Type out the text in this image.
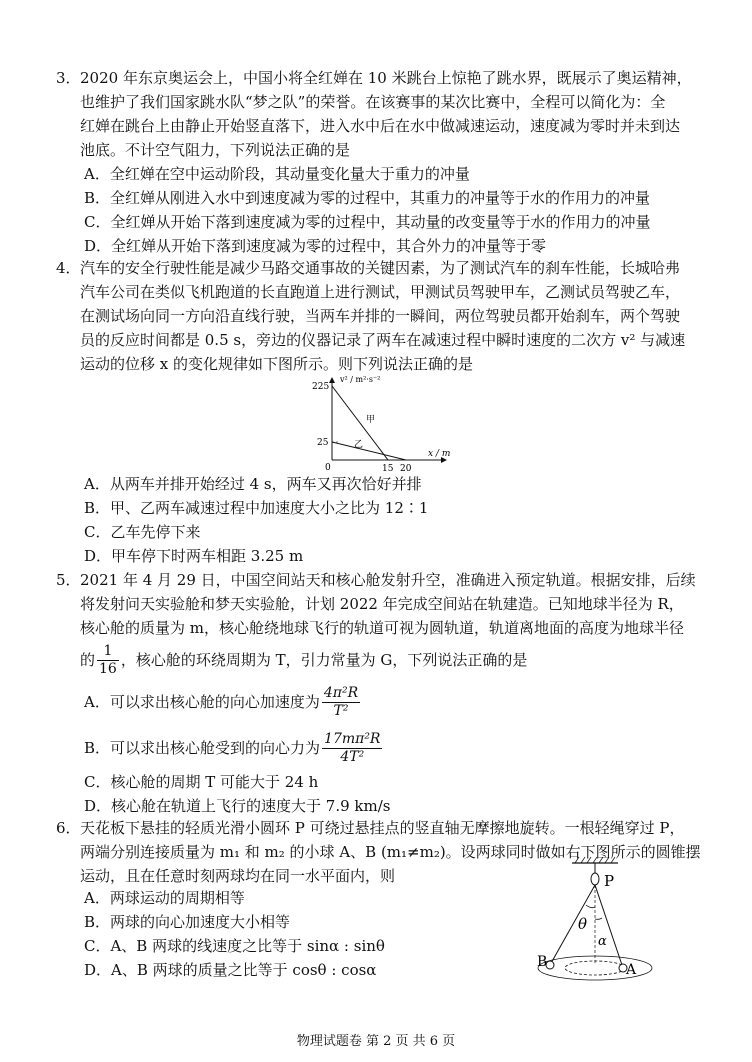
3． 2020 年东京奥运会上，中国小将全红婵在 10 米跳台上惊艳了跳水界，既展示了奥运精神，
也维护了我们国家跳水队“梦之队”的荣誉。在该赛事的某次比赛中，全程可以简化为：全
红婵在跳台上由静止开始竖直落下，进入水中后在水中做减速运动，速度减为零时并未到达
池底。不计空气阻力，下列说法正确的是
A．全红婵在空中运动阶段，其动量变化量大于重力的冲量
B．全红婵从刚进入水中到速度减为零的过程中，其重力的冲量等于水的作用力的冲量
C．全红婵从开始下落到速度减为零的过程中，其动量的改变量等于水的作用力的冲量
D．全红婵从开始下落到速度减为零的过程中，其合外力的冲量等于零
4． 汽车的安全行驶性能是减少马路交通事故的关键因素，为了测试汽车的刹车性能，长城哈弗
汽车公司在类似飞机跑道的长直跑道上进行测试，甲测试员驾驶甲车，乙测试员驾驶乙车，
在测试场向同一方向沿直线行驶，当两车并排的一瞬间，两位驾驶员都开始刹车，两个驾驶
员的反应时间都是 0.5 s，旁边的仪器记录了两车在减速过程中瞬时速度的二次方 v² 与减速
运动的位移 x 的变化规律如下图所示。则下列说法正确的是
v² / m²·s⁻²
x / m
225
25
0	15 20
甲
乙
A．从两车并排开始经过 4 s，两车又再次恰好并排
B．甲、乙两车减速过程中加速度大小之比为 12∶1
C．乙车先停下来
D．甲车停下时两车相距 3.25 m
5． 2021 年 4 月 29 日，中国空间站天和核心舱发射升空，准确进入预定轨道。根据安排，后续
将发射问天实验舱和梦天实验舱，计划 2022 年完成空间站在轨建造。已知地球半径为 R，
核心舱的质量为 m，核心舱绕地球飞行的轨道可视为圆轨道，轨道离地面的高度为地球半径
的 $\frac{1}{16}$ ，核心舱的环绕周期为 T，引力常量为 G，下列说法正确的是
A．可以求出核心舱的向心加速度为 $\frac{\text{4π²R}}{\text{T²}}$
B．可以求出核心舱受到的向心力为 $\frac{\text{17mπ²R}}{\text{4T²}}$
C．核心舱的周期 T 可能大于 24 h
D．核心舱在轨道上飞行的速度大于 7.9 km/s
6． 天花板下悬挂的轻质光滑小圆环 P 可绕过悬挂点的竖直轴无摩擦地旋转。一根轻绳穿过 P，
两端分别连接质量为 m₁ 和 m₂ 的小球 A、B (m₁≠m₂)。设两球同时做如右下图所示的圆锥摆
运动，且在任意时刻两球均在同一水平面内，则
A．两球运动的周期相等
B．两球的向心加速度大小相等
C．A、B 两球的线速度之比等于 sinα : sinθ
D．A、B 两球的质量之比等于 cosθ : cosα
P
θ
α
B	A
物理试题卷 第 2 页 共 6 页
